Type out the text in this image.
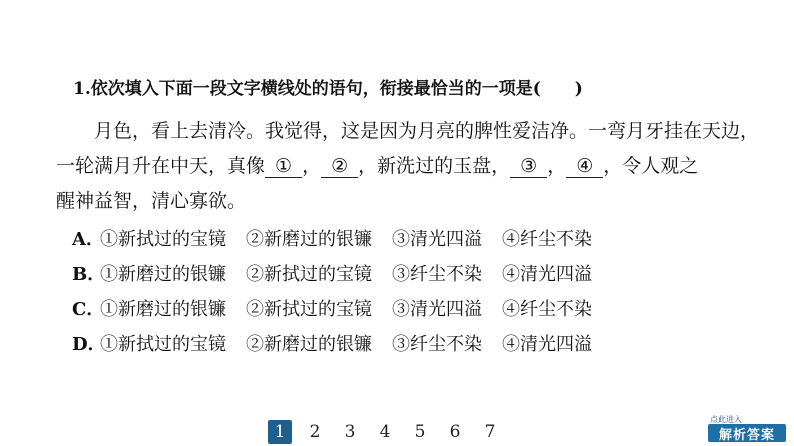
1.依次填入下面一段文字横线处的语句，衔接最恰当的一项是( )
月色，看上去清冷。我觉得，这是因为月亮的脾性爱洁净。一弯月牙挂在天边，
一轮满月升在中天，真像 ① ， ② ，新洗过的玉盘， ③ ， ④ ，令人观之
醒神益智，清心寡欲。
A．①新拭过的宝镜 ②新磨过的银镰 ③清光四溢 ④纤尘不染
B．①新磨过的银镰 ②新拭过的宝镜 ③纤尘不染 ④清光四溢
C．①新磨过的银镰 ②新拭过的宝镜 ③清光四溢 ④纤尘不染
D．①新拭过的宝镜 ②新磨过的银镰 ③纤尘不染 ④清光四溢
1	2	3	4	5	6	7
点此进入
解析答案
